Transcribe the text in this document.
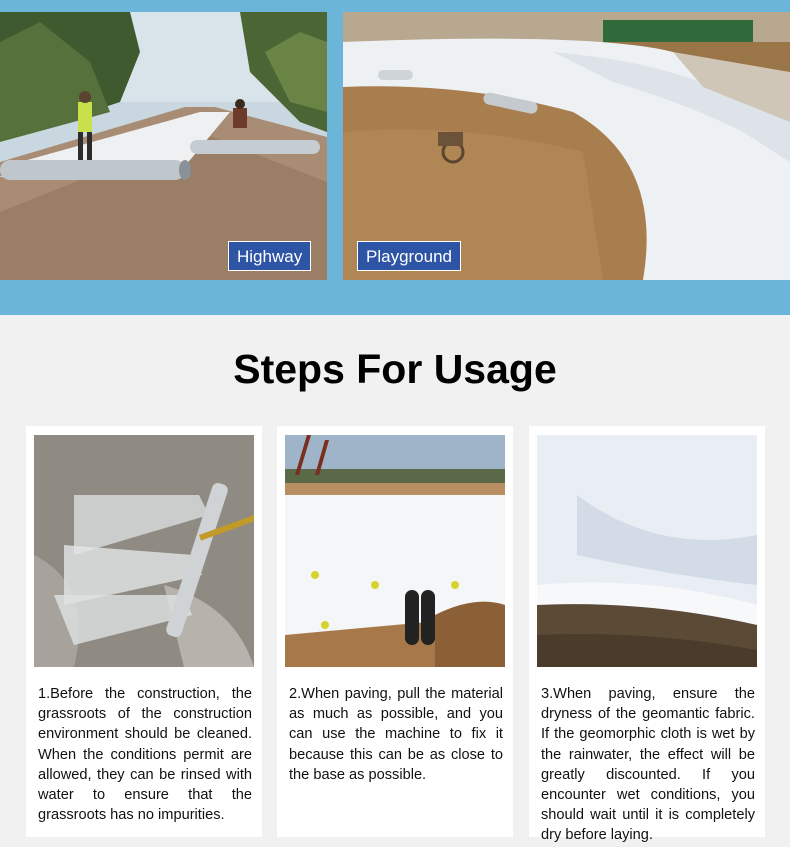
Highway	Playground
Steps For Usage

1.Before the construction, the grassroots of the construction environment should be cleaned. When the conditions permit are allowed, they can be rinsed with water to ensure that the grassroots has no impurities.

2.When paving, pull the material as much as possible, and you can use the machine to fix it because this can be as close to the base as possible.

3.When paving, ensure the dryness of the geomantic fabric. If the geomorphic cloth is wet by the rainwater, the effect will be greatly discounted. If you encounter wet conditions, you should wait until it is completely dry before laying.
